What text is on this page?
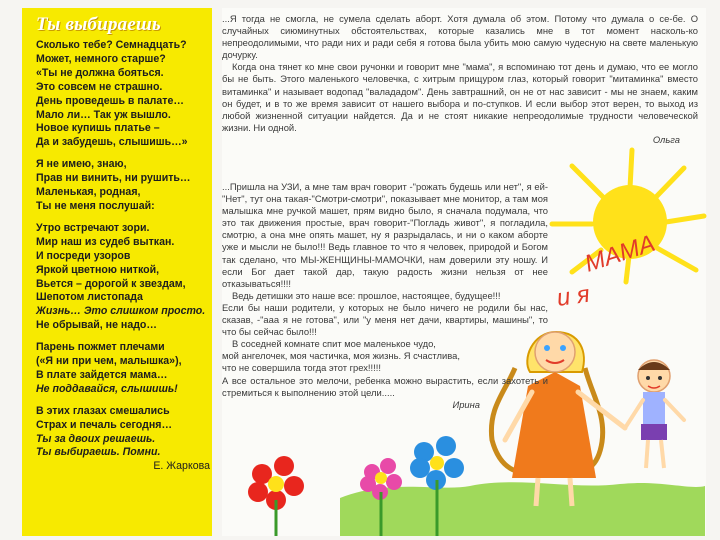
МАМА
и я
Ты выбираешь
Сколько тебе? Семнадцать?
Может, немного старше?
«Ты не должна бояться.
Это совсем не страшно.
День проведешь в палате…
Мало ли… Так уж вышло.
Новое купишь платье –
Да и забудешь, слышишь…»
Я не имею, знаю,
Прав ни винить, ни рушить…
Маленькая, родная,
Ты не меня послушай:
Утро встречают зори.
Мир наш из судеб выткан.
И посреди узоров
Яркой цветною ниткой,
Вьется – дорогой к звездам,
Шепотом листопада
Жизнь… Это слишком просто.
Не обрывай, не надо…
Парень пожмет плечами
(«Я ни при чем, малышка»),
В плате зайдется мама…
Не поддавайся, слышишь!
В этих глазах смешались
Страх и печаль сегодня…
Ты за двоих решаешь.
Ты выбираешь. Помни.
Е. Жаркова

...Я тогда не смогла, не сумела сделать аборт. Хотя думала об этом. Потому что думала о се-бе. О случайных сиюминутных обстоятельствах, которые казались мне в тот момент насколь-ко непреодолимыми, что ради них и ради себя я готова была убить мою самую чудесную на свете маленькую дочурку.

Когда она тянет ко мне свои ручонки и говорит мне "мама", я вспоминаю тот день и думаю, что ее могло бы не быть. Этого маленького человечка, с хитрым прищуром глаз, который говорит "митаминка" вместо витаминка" и называет водопад "валададом". День завтрашний, он не от нас зависит - мы не знаем, каким он будет, и в то же время зависит от нашего выбора и по-ступков. И если выбор этот верен, то выход из любой жизненной ситуации найдется. Да и не стоят никакие непреодолимые трудности человеческой жизни. Ни одной.

Ольга

...Пришла на УЗИ, а мне там врач говорит -"рожать будешь или нет", я ей-"Нет", тут она такая-"Смотри-смотри", показывает мне монитор, а там моя малышка мне ручкой машет, прям видно было, я сначала подумала, что это так движения простые, врач говорит-"Погладь живот", я погладила, смотрю, а она мне опять машет, ну я разрыдалась, и ни о каком аборте уже и мысли не было!!! Ведь главное то что я человек, природой и Богом так сделано, что МЫ-ЖЕНЩИНЫ-МАМОЧКИ, нам доверили эту ношу. И если Бог дает такой дар, такую радость жизни нельзя от нее отказываться!!!!

Ведь детишки это наше все: прошлое, настоящее, будущее!!!

Если бы наши родители, у которых не было ничего не родили бы нас, сказав, -"ааа я не готова", или "у меня нет дачи, квартиры, машины", то что бы сейчас было!!!

В соседней комнате спит мое маленькое чудо,

мой ангелочек, моя частичка, моя жизнь. Я счастлива,

что не совершила тогда этот грех!!!!!

А все остальное это мелочи, ребенка можно вырастить, если захотеть и стремиться к выполнению этой цели.....

Ирина
